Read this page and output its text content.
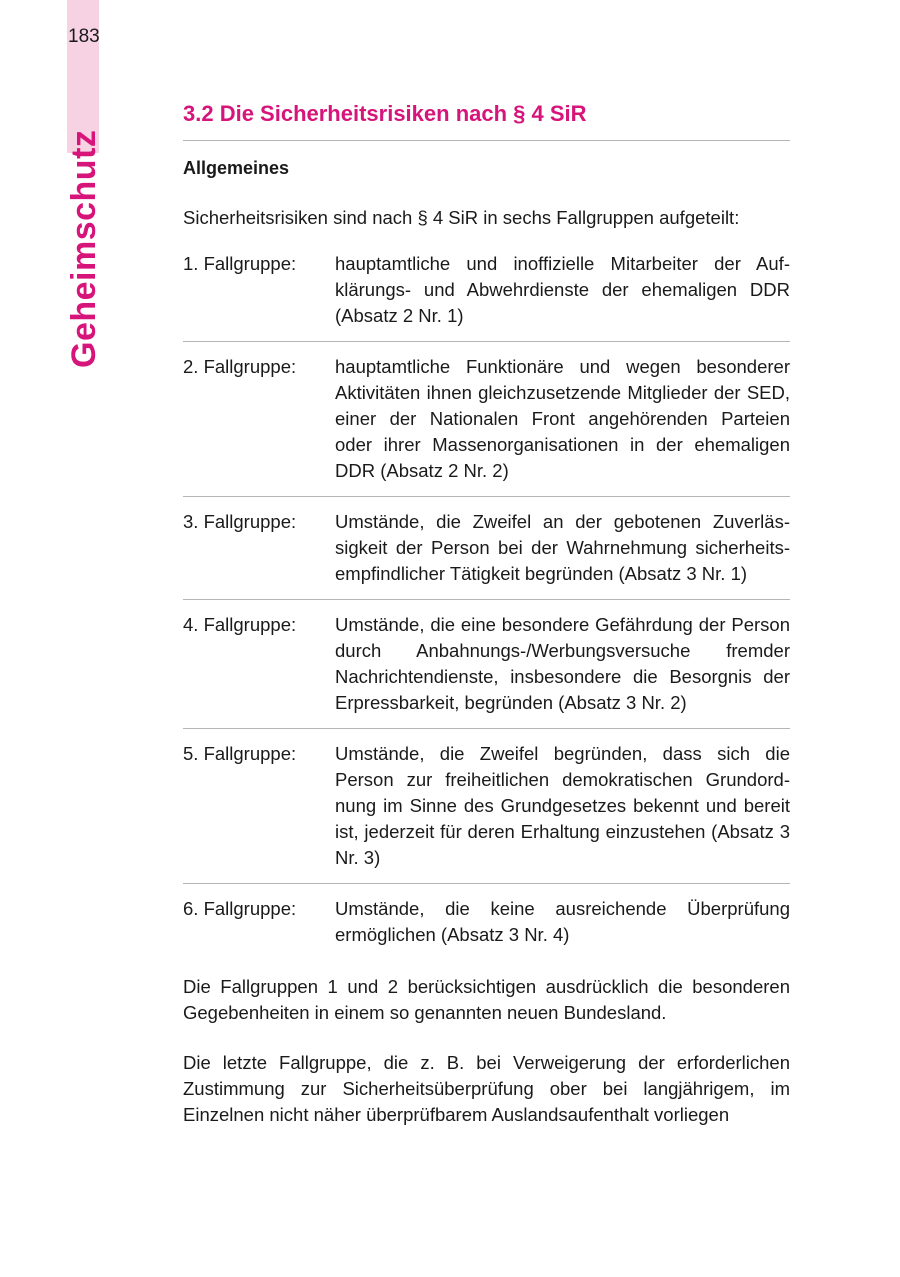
183
Geheimschutz
3.2 Die Sicherheitsrisiken nach § 4 SiR

Allgemeines

Sicherheitsrisiken sind nach § 4 SiR in sechs Fallgruppen aufgeteilt:

1. Fallgruppe:	hauptamtliche und inoffizielle Mitarbeiter der Aufklärungs- und Abwehrdienste der ehemaligen DDR (Absatz 2 Nr. 1)
2. Fallgruppe:	hauptamtliche Funktionäre und wegen besonderer Aktivitäten ihnen gleichzusetzende Mitglieder der SED, einer der Nationalen Front angehörenden Parteien oder ihrer Massenorganisationen in der ehemaligen DDR (Absatz 2 Nr. 2)
3. Fallgruppe:	Umstände, die Zweifel an der gebotenen Zuverlässigkeit der Person bei der Wahrnehmung sicherheitsempfindlicher Tätigkeit begründen (Absatz 3 Nr. 1)
4. Fallgruppe:	Umstände, die eine besondere Gefährdung der Person durch Anbahnungs-/Werbungsversuche fremder Nachrichtendienste, insbesondere die Besorgnis der Erpressbarkeit, begründen (Absatz 3 Nr. 2)
5. Fallgruppe:	Umstände, die Zweifel begründen, dass sich die Person zur freiheitlichen demokratischen Grundordnung im Sinne des Grundgesetzes bekennt und bereit ist, jederzeit für deren Erhaltung einzustehen (Absatz 3 Nr. 3)
6. Fallgruppe:	Umstände, die keine ausreichende Überprüfung ermöglichen (Absatz 3 Nr. 4)

Die Fallgruppen 1 und 2 berücksichtigen ausdrücklich die besonderen Gegebenheiten in einem so genannten neuen Bundesland.

Die letzte Fallgruppe, die z. B. bei Verweigerung der erforderlichen Zustimmung zur Sicherheitsüberprüfung ober bei langjährigem, im Einzelnen nicht näher überprüfbarem Auslandsaufenthalt vorliegen
